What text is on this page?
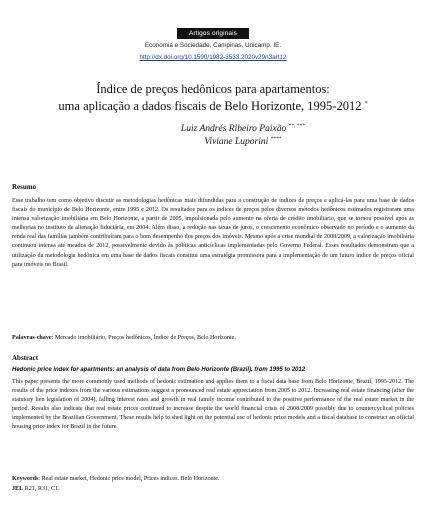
Artigos originais
Economia e Sociedade, Campinas, Unicamp. IE.
http://dx.doi.org/10.1590/1982-3533.2020v29n3art12
Índice de preços hedônicos para apartamentos:
uma aplicação a dados fiscais de Belo Horizonte, 1995-2012 *
Luiz Andrés Ribeiro Paixão **, ***
Viviane Luporini ****
Resumo
Esse trabalho tem como objetivo discutir as metodologias hedônicas mais difundidas para a construção de índices de preços e aplicá-las para uma base de dados fiscais do município de Belo Horizonte, entre 1995 e 2012. Os resultados para os índices de preços pelos diversos métodos hedônicos estimados registraram uma intensa valorização imobiliária em Belo Horizonte, a partir de 2005, impulsionada pelo aumento na oferta de crédito imobiliário, que se tornou possível após as melhorias no instituto de alienação fiduciária, em 2004. Além disso, a redução nas taxas de juros, o crescimento econômico observado no período e o aumento da renda real das famílias também contribuíram para o bom desempenho dos preços dos imóveis. Mesmo após a crise mundial de 2008/2009, a valorização imobiliária continuou intensa até meados de 2012, possivelmente devido às políticas anticíclicas implementadas pelo Governo Federal. Esses resultados demonstram que a utilização da metodologia hedônica em uma base de dados fiscais constitui uma estratégia promissora para a implementação de um futuro índice de preços oficial para imóveis no Brasil.
Palavras-chave: Mercado imobiliário, Preços hedônicos, Índice de Preços, Belo Horizonte.
Abstract
Hedonic price index for apartments: an analysis of data from Belo Horizonte (Brazil), from 1995 to 2012
This paper presents the more commonly used methods of hedonic estimation and applies them to a fiscal data base from Belo Horizonte, Brazil, 1995-2012. The results of the price indexes from the various estimations suggest a pronounced real estate appreciation from 2005 to 2012. Increasing real estate financing (after the statutory lien legislation of 2004), falling interest rates and growth in real family income contributed to the positive performance of the real estate market in the period. Results also indicate that real estate prices continued to increase despite the world financial crisis of 2008/2009 possibly due to countercyclical policies implemented by the Brazilian Government. These results help to shed light on the potential use of hedonic price models and a fiscal database to construct an official housing price index for Brazil in the future.
Keywords: Real estate market, Hedonic price model, Prices indices. Belo Horizonte.
JEL R21, R31, C1.
